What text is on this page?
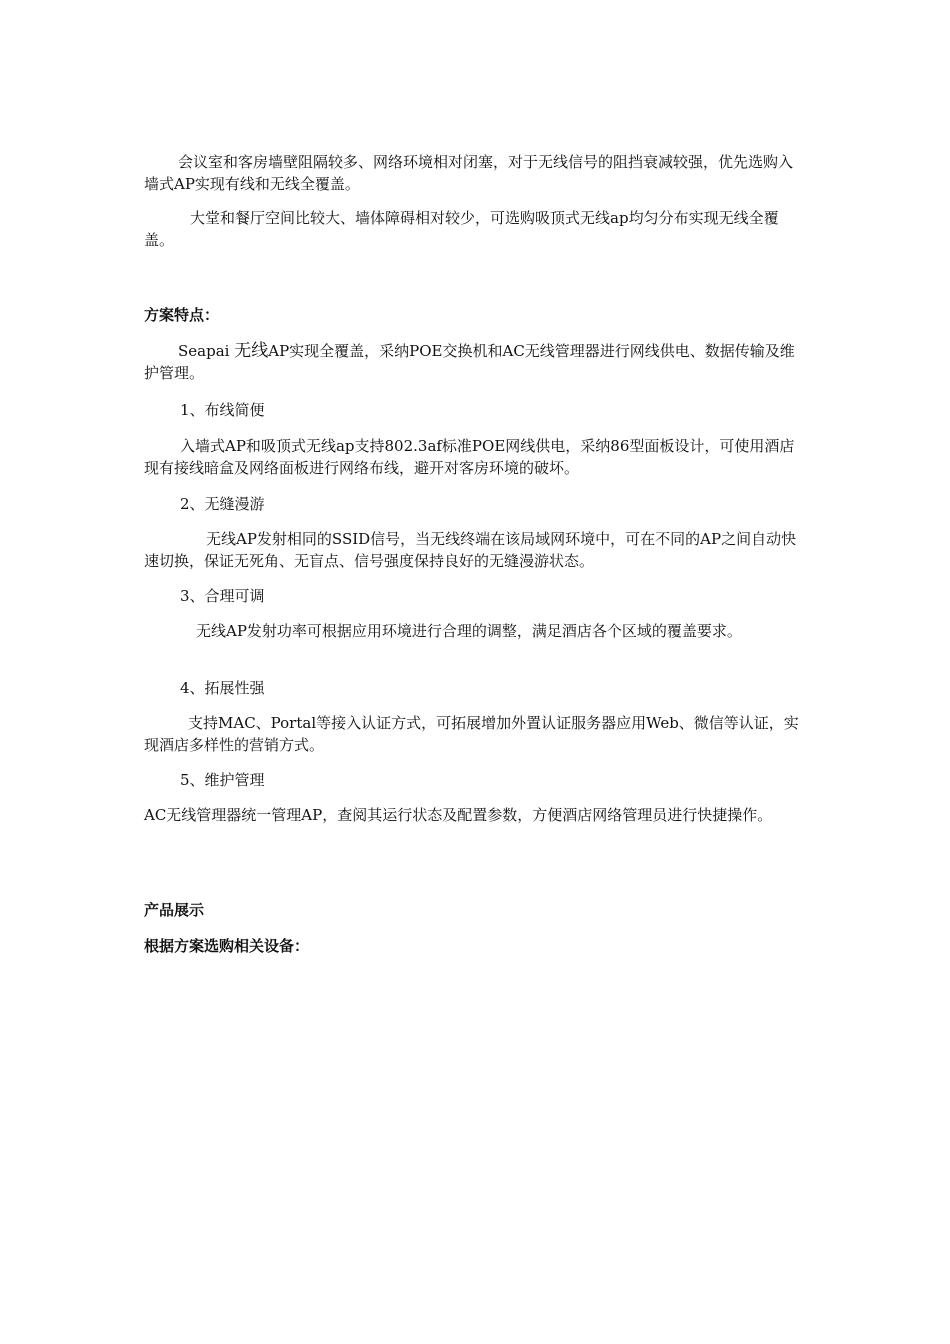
会议室和客房墙壁阻隔较多、网络环境相对闭塞，对于无线信号的阻挡衰减较强，优先选购入墙式AP实现有线和无线全覆盖。

大堂和餐厅空间比较大、墙体障碍相对较少，可选购吸顶式无线ap均匀分布实现无线全覆盖。

方案特点：

Seapai 无线AP实现全覆盖，采纳POE交换机和AC无线管理器进行网线供电、数据传输及维护管理。

1、布线简便

入墙式AP和吸顶式无线ap支持802.3af标准POE网线供电，采纳86型面板设计，可使用酒店现有接线暗盒及网络面板进行网络布线，避开对客房环境的破坏。

2、无缝漫游

无线AP发射相同的SSID信号，当无线终端在该局域网环境中，可在不同的AP之间自动快速切换，保证无死角、无盲点、信号强度保持良好的无缝漫游状态。

3、合理可调

无线AP发射功率可根据应用环境进行合理的调整，满足酒店各个区域的覆盖要求。

4、拓展性强

支持MAC、Portal等接入认证方式，可拓展增加外置认证服务器应用Web、微信等认证，实现酒店多样性的营销方式。

5、维护管理

AC无线管理器统一管理AP，查阅其运行状态及配置参数，方便酒店网络管理员进行快捷操作。

产品展示
根据方案选购相关设备：
